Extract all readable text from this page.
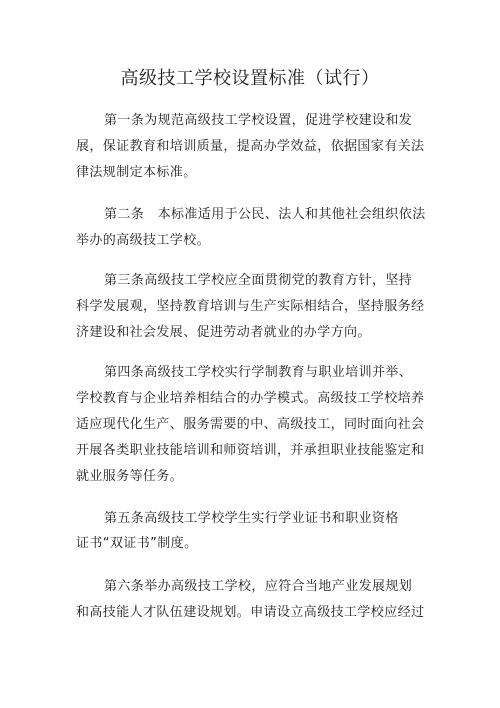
高级技工学校设置标准（试行）
第一条为规范高级技工学校设置，促进学校建设和发
展，保证教育和培训质量，提高办学效益，依据国家有关法
律法规制定本标准。
第二条　本标准适用于公民、法人和其他社会组织依法
举办的高级技工学校。
第三条高级技工学校应全面贯彻党的教育方针，坚持
科学发展观，坚持教育培训与生产实际相结合，坚持服务经
济建设和社会发展、促进劳动者就业的办学方向。
第四条高级技工学校实行学制教育与职业培训并举、
学校教育与企业培养相结合的办学模式。高级技工学校培养
适应现代化生产、服务需要的中、高级技工，同时面向社会
开展各类职业技能培训和师资培训，并承担职业技能鉴定和
就业服务等任务。
第五条高级技工学校学生实行学业证书和职业资格
证书“双证书”制度。
第六条举办高级技工学校，应符合当地产业发展规划
和高技能人才队伍建设规划。申请设立高级技工学校应经过
